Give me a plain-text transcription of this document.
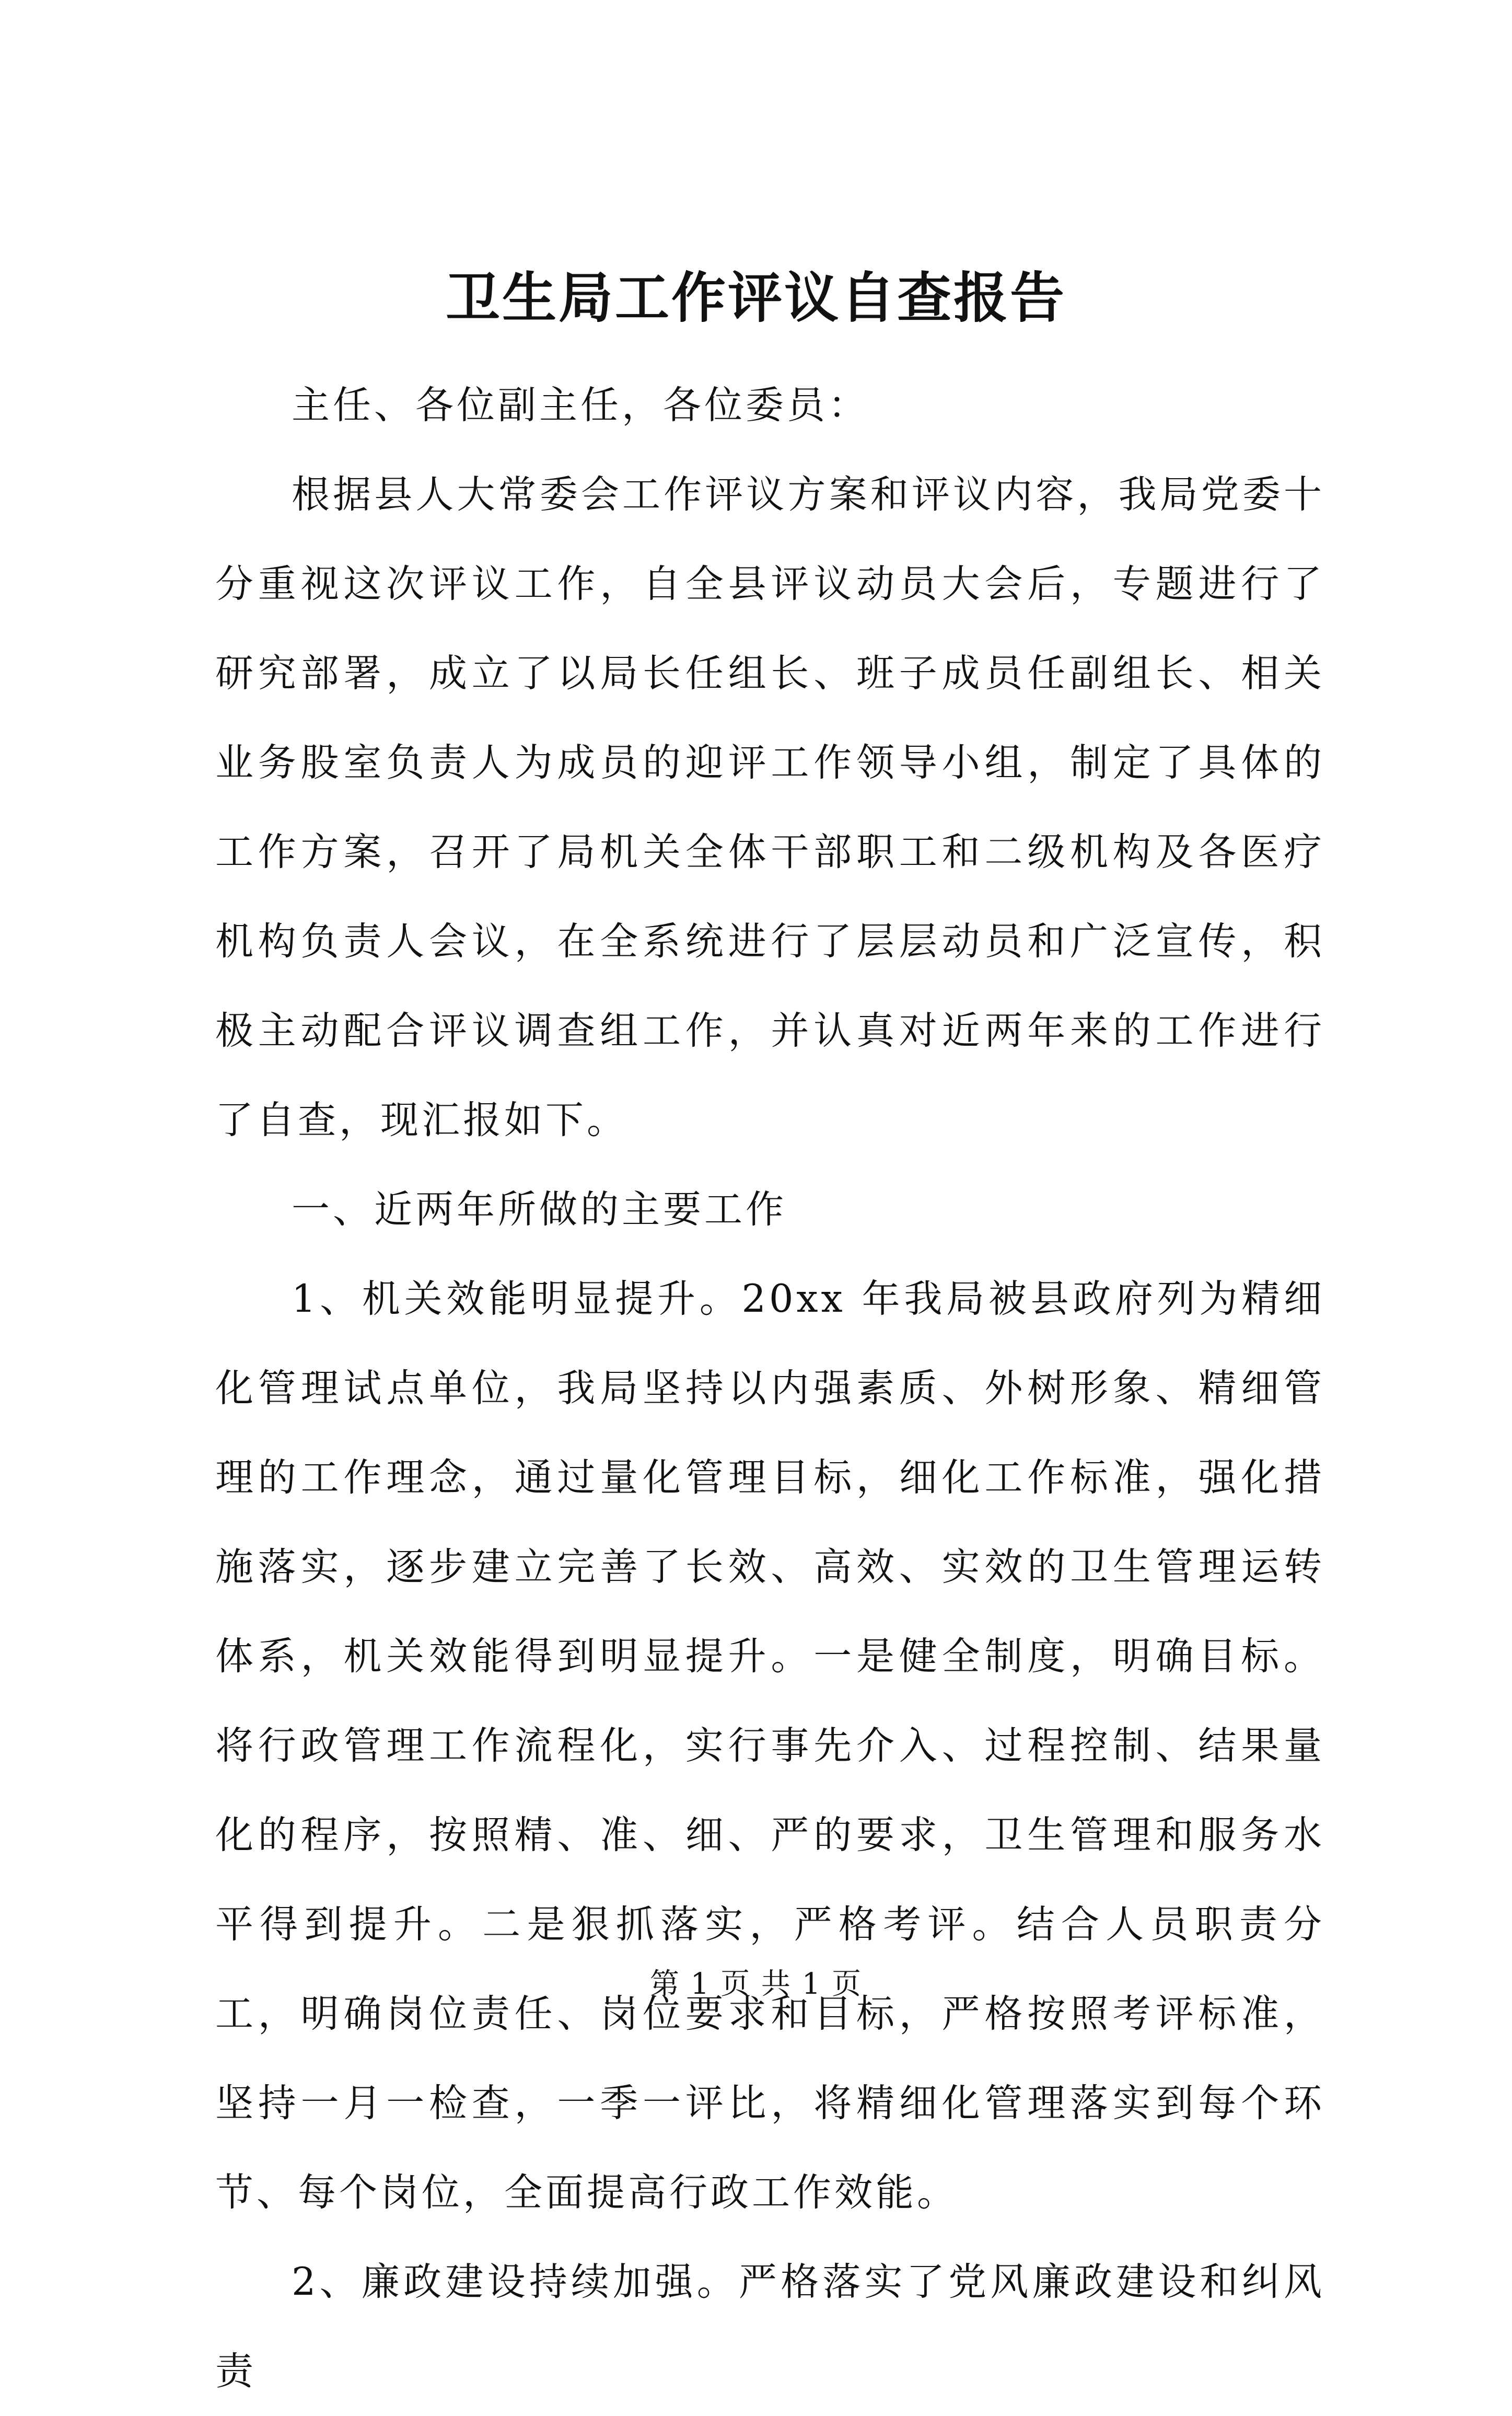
卫生局工作评议自查报告

主任、各位副主任，各位委员：

根据县人大常委会工作评议方案和评议内容，我局党委十分重视这次评议工作，自全县评议动员大会后，专题进行了研究部署，成立了以局长任组长、班子成员任副组长、相关业务股室负责人为成员的迎评工作领导小组，制定了具体的工作方案，召开了局机关全体干部职工和二级机构及各医疗机构负责人会议，在全系统进行了层层动员和广泛宣传，积极主动配合评议调查组工作，并认真对近两年来的工作进行了自查，现汇报如下。

一、近两年所做的主要工作

1、机关效能明显提升。20xx 年我局被县政府列为精细化管理试点单位，我局坚持以内强素质、外树形象、精细管理的工作理念，通过量化管理目标，细化工作标准，强化措施落实，逐步建立完善了长效、高效、实效的卫生管理运转体系，机关效能得到明显提升。一是健全制度，明确目标。将行政管理工作流程化，实行事先介入、过程控制、结果量化的程序，按照精、准、细、严的要求，卫生管理和服务水平得到提升。二是狠抓落实，严格考评。结合人员职责分工，明确岗位责任、岗位要求和目标，严格按照考评标准，坚持一月一检查，一季一评比，将精细化管理落实到每个环节、每个岗位，全面提高行政工作效能。

2、廉政建设持续加强。严格落实了党风廉政建设和纠风责

第 1 页 共 1 页
